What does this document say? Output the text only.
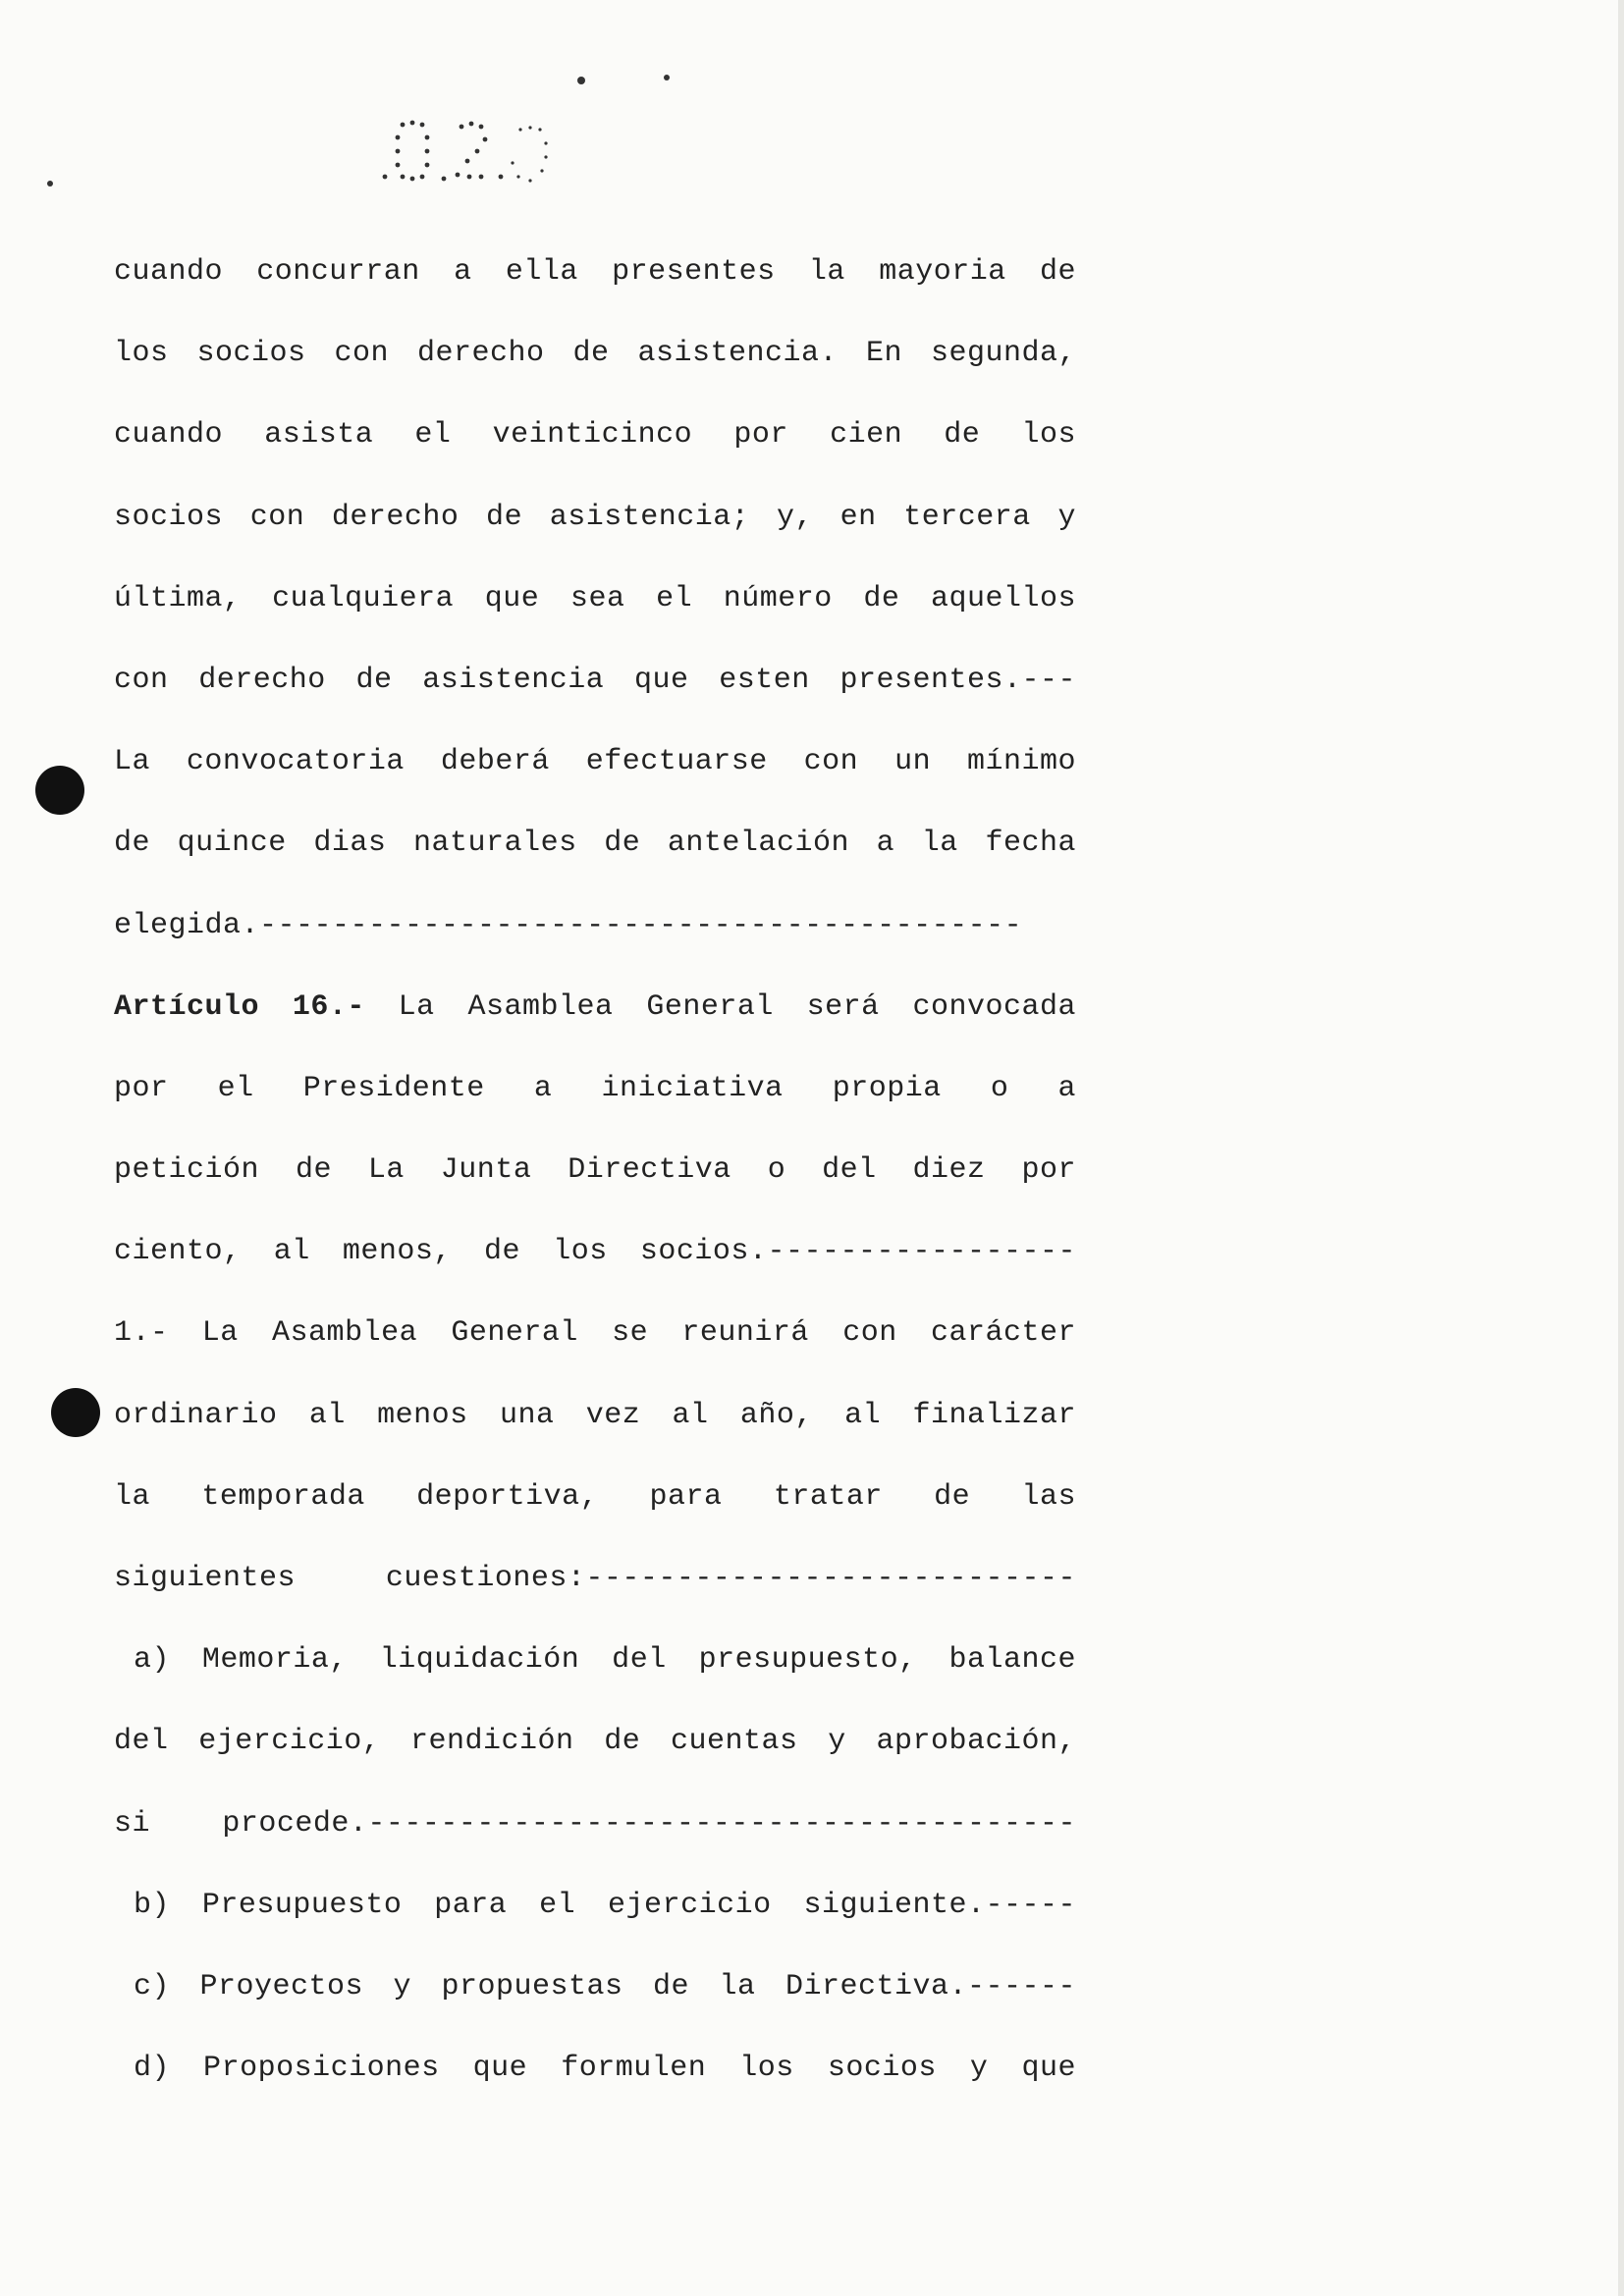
cuando concurran a ella presentes la mayoria de
los socios con derecho de asistencia. En segunda,
cuando asista el veinticinco por cien de los
socios con derecho de asistencia; y, en tercera y
última, cualquiera que sea el número de aquellos
con derecho de asistencia que esten presentes.---
La convocatoria deberá efectuarse con un mínimo
de quince dias naturales de antelación a la fecha
elegida.------------------------------------------
Artículo 16.- La Asamblea General será convocada
por el Presidente a iniciativa propia o a
petición de La Junta Directiva o del diez por
ciento, al menos, de los socios.-----------------
1.- La Asamblea General se reunirá con carácter
ordinario al menos una vez al año, al finalizar
la temporada deportiva, para tratar de las
siguientes cuestiones:---------------------------
a) Memoria, liquidación del presupuesto, balance
del ejercicio, rendición de cuentas y aprobación,
si procede.---------------------------------------
b) Presupuesto para el ejercicio siguiente.-----
c) Proyectos y propuestas de la Directiva.------
d) Proposiciones que formulen los socios y que
